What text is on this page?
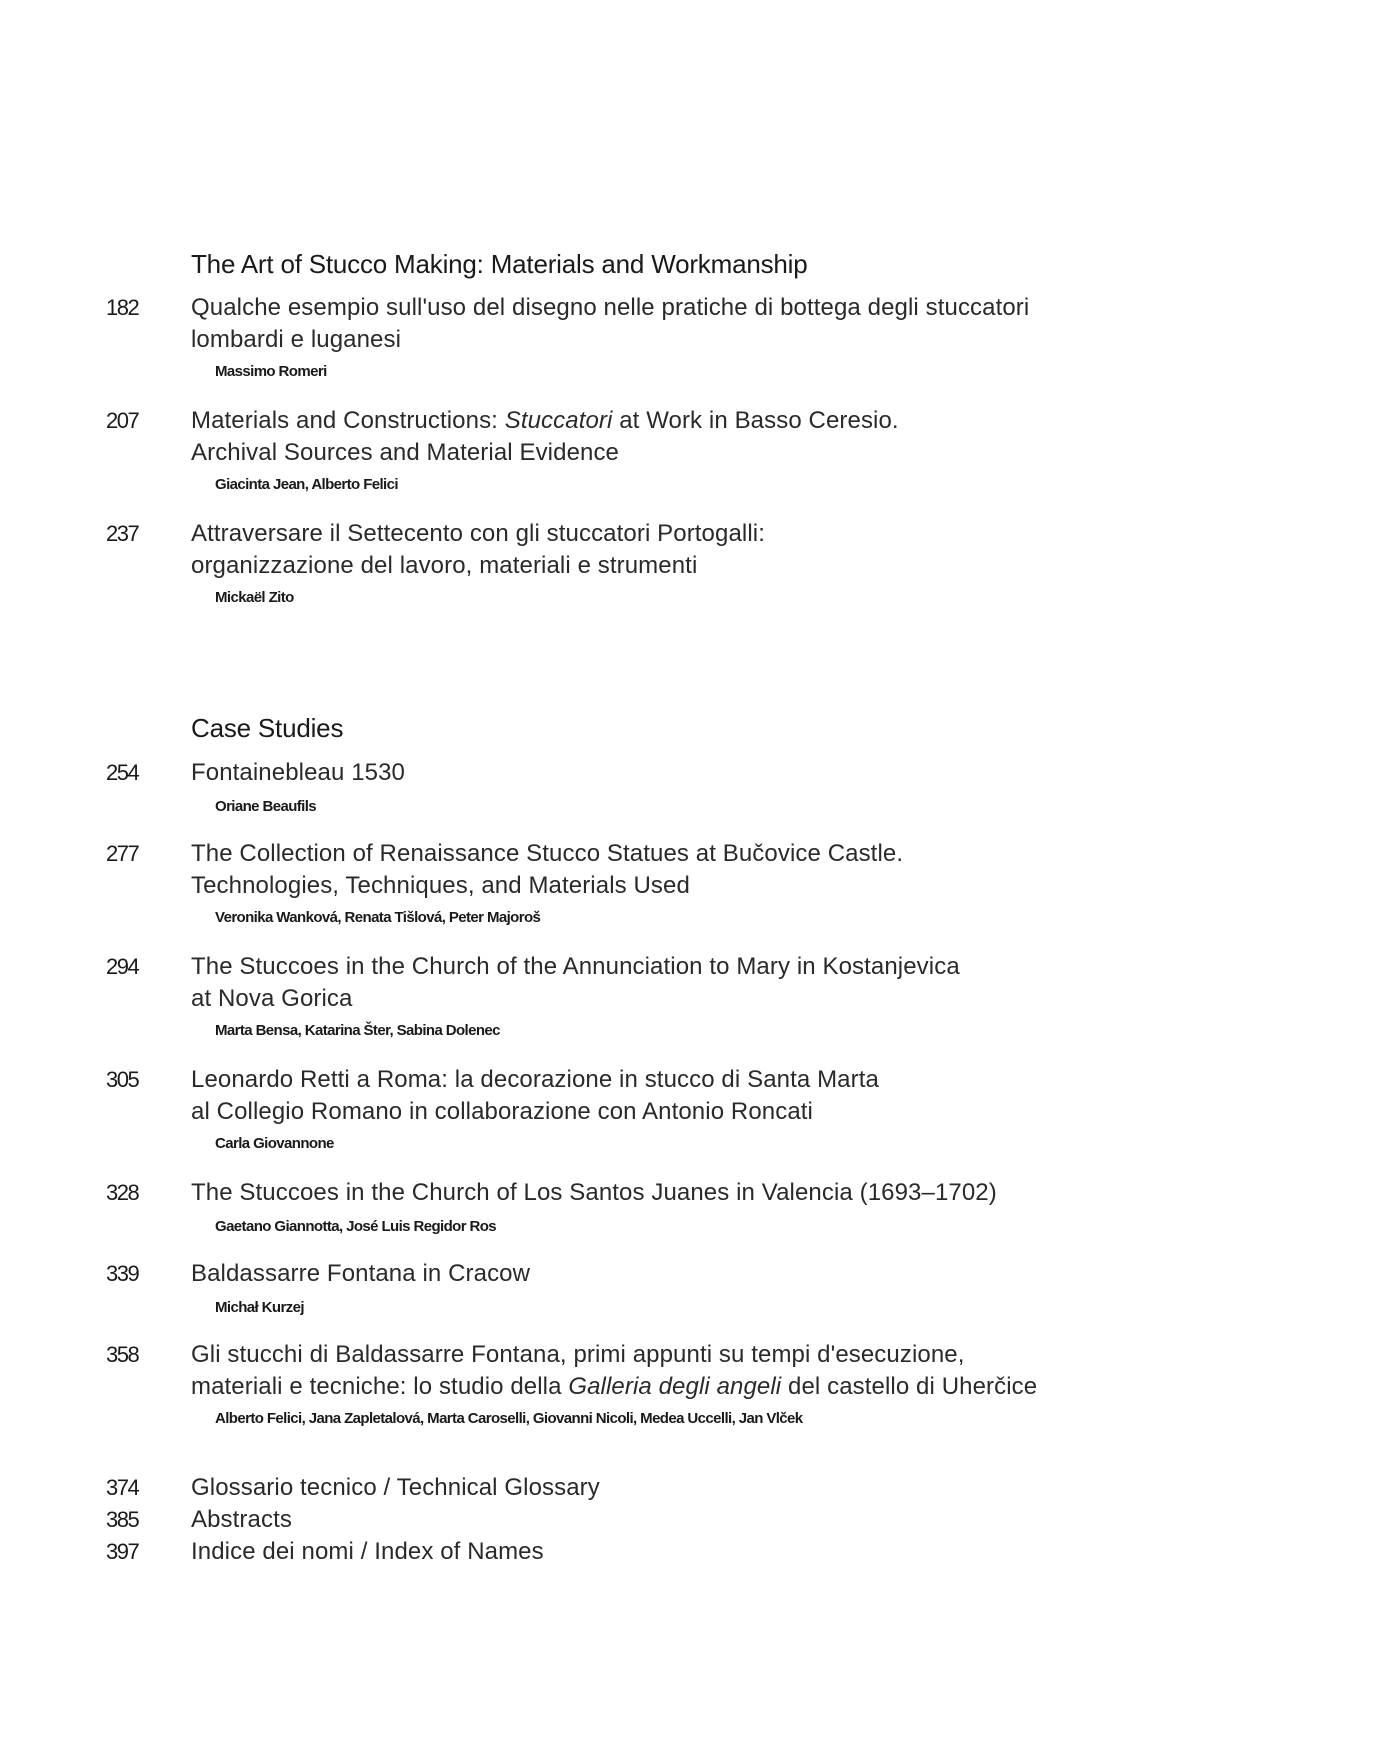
The Art of Stucco Making: Materials and Workmanship
182 Qualche esempio sull'uso del disegno nelle pratiche di bottega degli stuccatori
lombardi e luganesi
Massimo Romeri
207 Materials and Constructions: Stuccatori at Work in Basso Ceresio.
Archival Sources and Material Evidence
Giacinta Jean, Alberto Felici
237 Attraversare il Settecento con gli stuccatori Portogalli:
organizzazione del lavoro, materiali e strumenti
Mickaël Zito
Case Studies
254 Fontainebleau 1530
Oriane Beaufils
277 The Collection of Renaissance Stucco Statues at Bučovice Castle.
Technologies, Techniques, and Materials Used
Veronika Wanková, Renata Tišlová, Peter Majoroš
294 The Stuccoes in the Church of the Annunciation to Mary in Kostanjevica
at Nova Gorica
Marta Bensa, Katarina Šter, Sabina Dolenec
305 Leonardo Retti a Roma: la decorazione in stucco di Santa Marta
al Collegio Romano in collaborazione con Antonio Roncati
Carla Giovannone
328 The Stuccoes in the Church of Los Santos Juanes in Valencia (1693–1702)
Gaetano Giannotta, José Luis Regidor Ros
339 Baldassarre Fontana in Cracow
Michał Kurzej
358 Gli stucchi di Baldassarre Fontana, primi appunti su tempi d'esecuzione,
materiali e tecniche: lo studio della Galleria degli angeli del castello di Uherčice
Alberto Felici, Jana Zapletalová, Marta Caroselli, Giovanni Nicoli, Medea Uccelli, Jan Vlček
374 Glossario tecnico / Technical Glossary
385 Abstracts
397 Indice dei nomi / Index of Names
